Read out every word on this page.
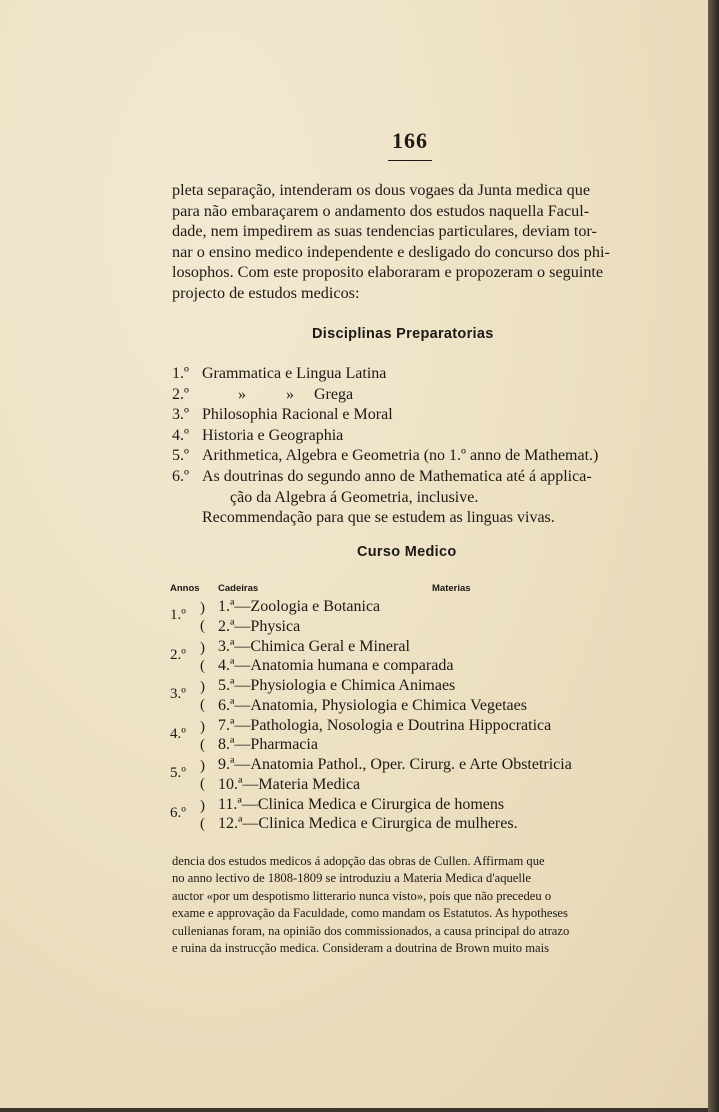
166
pleta separação, intenderam os dous vogaes da Junta medica que
para não embaraçarem o andamento dos estudos naquella Facul-
dade, nem impedirem as suas tendencias particulares, deviam tor-
nar o ensino medico independente e desligado do concurso dos phi-
losophos. Com este proposito elaboraram e propozeram o seguinte
projecto de estudos medicos:
Disciplinas Preparatorias
1.º Grammatica e Lingua Latina
2.º	»          »     Grega
3.º Philosophia Racional e Moral
4.º Historia e Geographia
5.º Arithmetica, Algebra e Geometria (no 1.º anno de Mathemat.)
6.º As doutrinas do segundo anno de Mathematica até á applica-
ção da Algebra á Geometria, inclusive.
Recommendação para que se estudem as linguas vivas.
Curso Medico
Annos Cadeiras	Materias
1.º )
(
1.ª—Zoologia e Botanica
2.ª—Physica
2.º )
(
3.ª—Chimica Geral e Mineral
4.ª—Anatomia humana e comparada
3.º )
(
5.ª—Physiologia e Chimica Animaes
6.ª—Anatomia, Physiologia e Chimica Vegetaes
4.º )
(
7.ª—Pathologia, Nosologia e Doutrina Hippocratica
8.ª—Pharmacia
5.º )
(
9.ª—Anatomia Pathol., Oper. Cirurg. e Arte Obstetricia
10.ª—Materia Medica
6.º )
(
11.ª—Clinica Medica e Cirurgica de homens
12.ª—Clinica Medica e Cirurgica de mulheres.
dencia dos estudos medicos á adopção das obras de Cullen. Affirmam que
no anno lectivo de 1808-1809 se introduziu a Materia Medica d'aquelle
auctor «por um despotismo litterario nunca visto», pois que não precedeu o
exame e approvação da Faculdade, como mandam os Estatutos. As hypotheses
cullenianas foram, na opinião dos commissionados, a causa principal do atrazo
e ruina da instrucção medica. Consideram a doutrina de Brown muito mais
